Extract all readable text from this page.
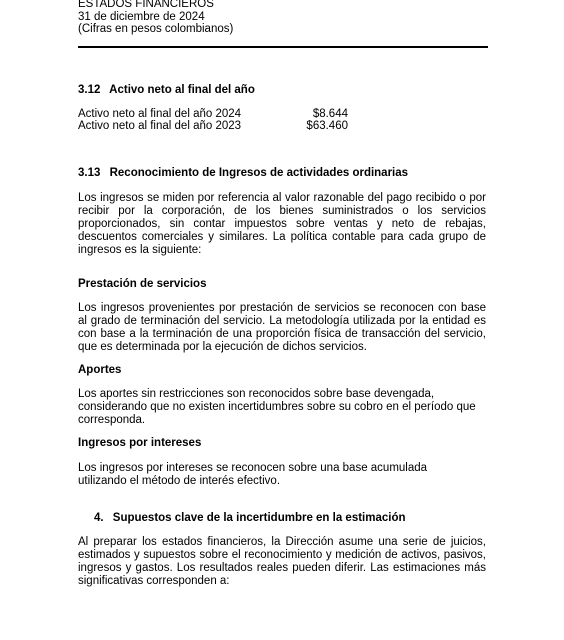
ESTADOS FINANCIEROS
31 de diciembre de 2024
(Cifras en pesos colombianos)
3.12 Activo neto al final del año
Activo neto al final del año 2024	$8.644
Activo neto al final del año 2023	$63.460
3.13 Reconocimiento de Ingresos de actividades ordinarias
Los ingresos se miden por referencia al valor razonable del pago recibido o por recibir por la corporación, de los bienes suministrados o los servicios proporcionados, sin contar impuestos sobre ventas y neto de rebajas, descuentos comerciales y similares. La política contable para cada grupo de ingresos es la siguiente:
Prestación de servicios
Los ingresos provenientes por prestación de servicios se reconocen con base al grado de terminación del servicio. La metodología utilizada por la entidad es con base a la terminación de una proporción física de transacción del servicio, que es determinada por la ejecución de dichos servicios.
Aportes
Los aportes sin restricciones son reconocidos sobre base devengada, considerando que no existen incertidumbres sobre su cobro en el período que corresponda.
Ingresos por intereses
Los ingresos por intereses se reconocen sobre una base acumulada utilizando el método de interés efectivo.
4. Supuestos clave de la incertidumbre en la estimación
Al preparar los estados financieros, la Dirección asume una serie de juicios, estimados y supuestos sobre el reconocimiento y medición de activos, pasivos, ingresos y gastos. Los resultados reales pueden diferir. Las estimaciones más significativas corresponden a:
